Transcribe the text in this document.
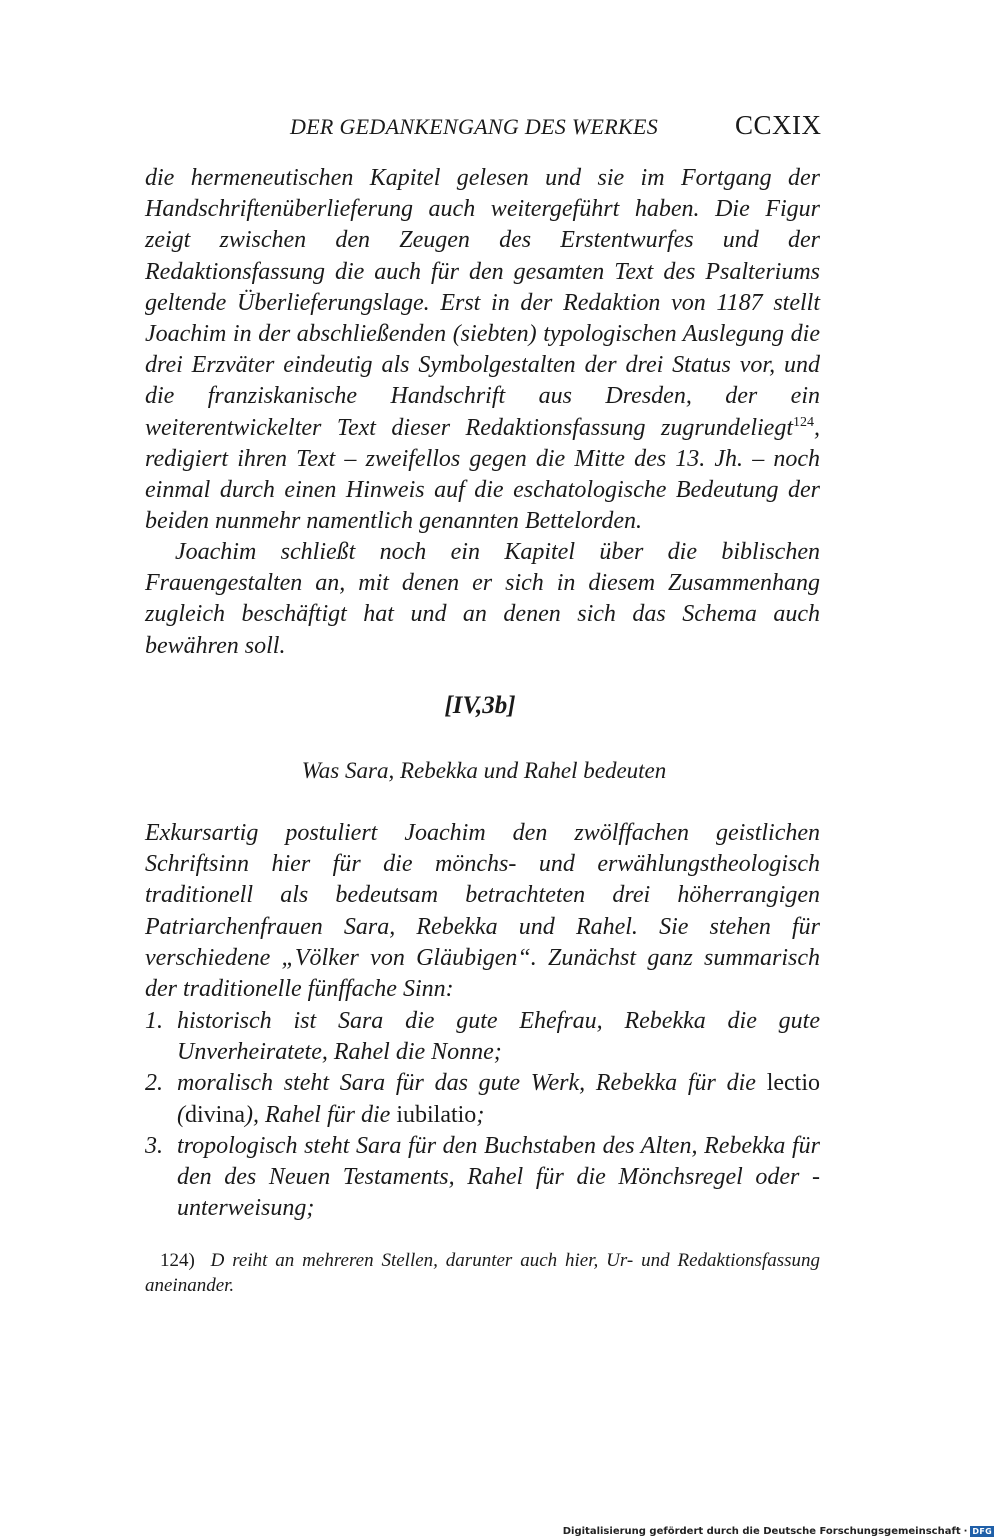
DER GEDANKENGANG DES WERKES	CCXIX

die hermeneutischen Kapitel gelesen und sie im Fortgang der Handschriftenüberlieferung auch weitergeführt haben. Die Figur zeigt zwischen den Zeugen des Erstentwurfes und der Redaktionsfassung die auch für den gesamten Text des Psalteriums geltende Überlieferungslage. Erst in der Redaktion von 1187 stellt Joachim in der abschließenden (siebten) typologischen Auslegung die drei Erzväter eindeutig als Symbolgestalten der drei Status vor, und die franziskanische Handschrift aus Dresden, der ein weiterentwickelter Text dieser Redaktionsfassung zugrundeliegt$^{124}$, redigiert ihren Text – zweifellos gegen die Mitte des 13. Jh. – noch einmal durch einen Hinweis auf die eschatologische Bedeutung der beiden nunmehr namentlich genannten Bettelorden.

Joachim schließt noch ein Kapitel über die biblischen Frauengestalten an, mit denen er sich in diesem Zusammenhang zugleich beschäftigt hat und an denen sich das Schema auch bewähren soll.

[IV,3b]
Was Sara, Rebekka und Rahel bedeuten

Exkursartig postuliert Joachim den zwölffachen geistlichen Schriftsinn hier für die mönchs- und erwählungstheologisch traditionell als bedeutsam betrachteten drei höherrangigen Patriarchenfrauen Sara, Rebekka und Rahel. Sie stehen für verschiedene „Völker von Gläubigen“. Zunächst ganz summarisch der traditionelle fünffache Sinn:

1. historisch ist Sara die gute Ehefrau, Rebekka die gute Unverheiratete, Rahel die Nonne;
2. moralisch steht Sara für das gute Werk, Rebekka für die lectio (divina), Rahel für die iubilatio;
3. tropologisch steht Sara für den Buchstaben des Alten, Rebekka für den des Neuen Testaments, Rahel für die Mönchsregel oder -unterweisung;

124) D reiht an mehreren Stellen, darunter auch hier, Ur- und Redaktionsfassung aneinander.

Digitalisierung gefördert durch die Deutsche Forschungsgemeinschaft · DFG
